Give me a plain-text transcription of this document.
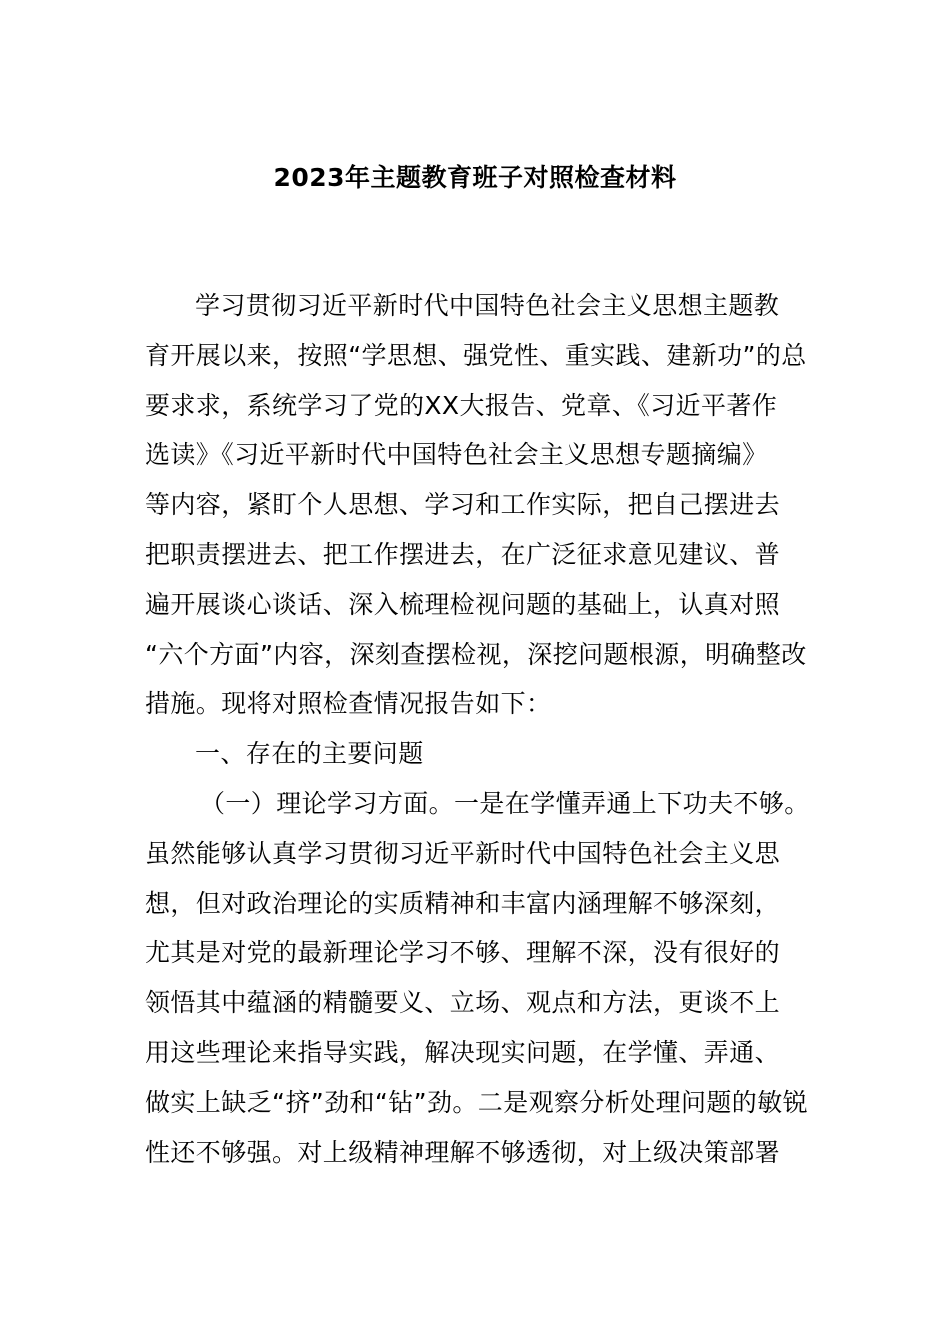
2023年主题教育班子对照检查材料
学习贯彻习近平新时代中国特色社会主义思想主题教
育开展以来，按照“学思想、强党性、重实践、建新功”的总
要求求，系统学习了党的XX大报告、党章、《习近平著作
选读》《习近平新时代中国特色社会主义思想专题摘编》
等内容，紧盯个人思想、学习和工作实际，把自己摆进去
把职责摆进去、把工作摆进去，在广泛征求意见建议、普
遍开展谈心谈话、深入梳理检视问题的基础上，认真对照
“六个方面”内容，深刻查摆检视，深挖问题根源，明确整改
措施。现将对照检查情况报告如下：
一、存在的主要问题
（一）理论学习方面。一是在学懂弄通上下功夫不够。
虽然能够认真学习贯彻习近平新时代中国特色社会主义思
想，但对政治理论的实质精神和丰富内涵理解不够深刻，
尤其是对党的最新理论学习不够、理解不深，没有很好的
领悟其中蕴涵的精髓要义、立场、观点和方法，更谈不上
用这些理论来指导实践，解决现实问题，在学懂、弄通、
做实上缺乏“挤”劲和“钻”劲。二是观察分析处理问题的敏锐
性还不够强。对上级精神理解不够透彻，对上级决策部署
